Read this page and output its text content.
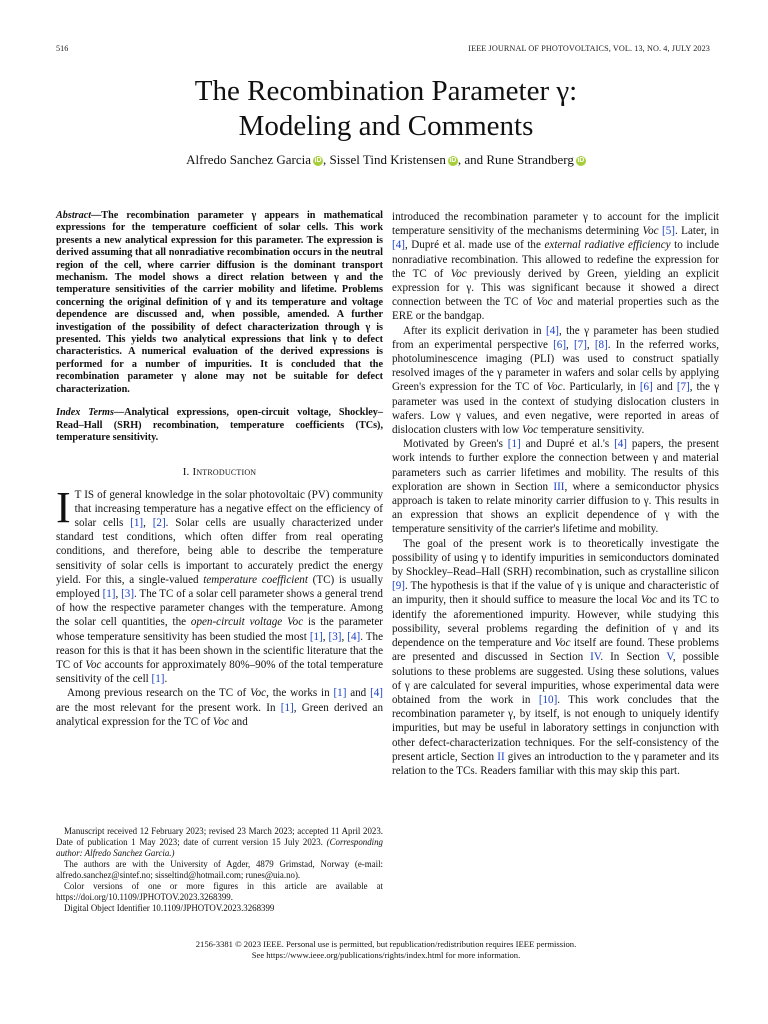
516	IEEE JOURNAL OF PHOTOVOLTAICS, VOL. 13, NO. 4, JULY 2023
The Recombination Parameter γ:
Modeling and Comments
Alfredo Sanchez Garcia iD , Sissel Tind Kristensen iD , and Rune Strandberg iD

Abstract—The recombination parameter γ appears in mathematical expressions for the temperature coefficient of solar cells. This work presents a new analytical expression for this parameter. The expression is derived assuming that all nonradiative recombination occurs in the neutral region of the cell, where carrier diffusion is the dominant transport mechanism. The model shows a direct relation between γ and the temperature sensitivities of the carrier mobility and lifetime. Problems concerning the original definition of γ and its temperature and voltage dependence are discussed and, when possible, amended. A further investigation of the possibility of defect characterization through γ is presented. This yields two analytical expressions that link γ to defect characteristics. A numerical evaluation of the derived expressions is performed for a number of impurities. It is concluded that the recombination parameter γ alone may not be suitable for defect characterization.

Index Terms—Analytical expressions, open-circuit voltage, Shockley–Read–Hall (SRH) recombination, temperature coefficients (TCs), temperature sensitivity.

I. Introduction

I T IS of general knowledge in the solar photovoltaic (PV) community that increasing temperature has a negative effect on the efficiency of solar cells [1], [2]. Solar cells are usually characterized under standard test conditions, which often differ from real operating conditions, and therefore, being able to describe the temperature sensitivity of solar cells is important to accurately predict the energy yield. For this, a single-valued temperature coefficient (TC) is usually employed [1], [3]. The TC of a solar cell parameter shows a general trend of how the respective parameter changes with the temperature. Among the solar cell quantities, the open-circuit voltage Voc is the parameter whose temperature sensitivity has been studied the most [1], [3], [4]. The reason for this is that it has been shown in the scientific literature that the TC of Voc accounts for approximately 80%–90% of the total temperature sensitivity of the cell [1].

Among previous research on the TC of Voc, the works in [1] and [4] are the most relevant for the present work. In [1], Green derived an analytical expression for the TC of Voc and

Manuscript received 12 February 2023; revised 23 March 2023; accepted 11 April 2023. Date of publication 1 May 2023; date of current version 15 July 2023. (Corresponding author: Alfredo Sanchez Garcia.)

The authors are with the University of Agder, 4879 Grimstad, Norway (e-mail: alfredo.sanchez@sintef.no; sisseltind@hotmail.com; runes@uia.no).

Color versions of one or more figures in this article are available at https://doi.org/10.1109/JPHOTOV.2023.3268399.

Digital Object Identifier 10.1109/JPHOTOV.2023.3268399

introduced the recombination parameter γ to account for the implicit temperature sensitivity of the mechanisms determining Voc [5]. Later, in [4], Dupré et al. made use of the external radiative efficiency to include nonradiative recombination. This allowed to redefine the expression for the TC of Voc previously derived by Green, yielding an explicit expression for γ. This was significant because it showed a direct connection between the TC of Voc and material properties such as the ERE or the bandgap.

After its explicit derivation in [4], the γ parameter has been studied from an experimental perspective [6], [7], [8]. In the referred works, photoluminescence imaging (PLI) was used to construct spatially resolved images of the γ parameter in wafers and solar cells by applying Green's expression for the TC of Voc. Particularly, in [6] and [7], the γ parameter was used in the context of studying dislocation clusters in wafers. Low γ values, and even negative, were reported in areas of dislocation clusters with low Voc temperature sensitivity.

Motivated by Green's [1] and Dupré et al.'s [4] papers, the present work intends to further explore the connection between γ and material parameters such as carrier lifetimes and mobility. The results of this exploration are shown in Section III, where a semiconductor physics approach is taken to relate minority carrier diffusion to γ. This results in an expression that shows an explicit dependence of γ with the temperature sensitivity of the carrier's lifetime and mobility.

The goal of the present work is to theoretically investigate the possibility of using γ to identify impurities in semiconductors dominated by Shockley–Read–Hall (SRH) recombination, such as crystalline silicon [9]. The hypothesis is that if the value of γ is unique and characteristic of an impurity, then it should suffice to measure the local Voc and its TC to identify the aforementioned impurity. However, while studying this possibility, several problems regarding the definition of γ and its dependence on the temperature and Voc itself are found. These problems are presented and discussed in Section IV. In Section V, possible solutions to these problems are suggested. Using these solutions, values of γ are calculated for several impurities, whose experimental data were obtained from the work in [10]. This work concludes that the recombination parameter γ, by itself, is not enough to uniquely identify impurities, but may be useful in laboratory settings in conjunction with other defect-characterization techniques. For the self-consistency of the present article, Section II gives an introduction to the γ parameter and its relation to the TCs. Readers familiar with this may skip this part.

2156-3381 © 2023 IEEE. Personal use is permitted, but republication/redistribution requires IEEE permission.
See https://www.ieee.org/publications/rights/index.html for more information.
